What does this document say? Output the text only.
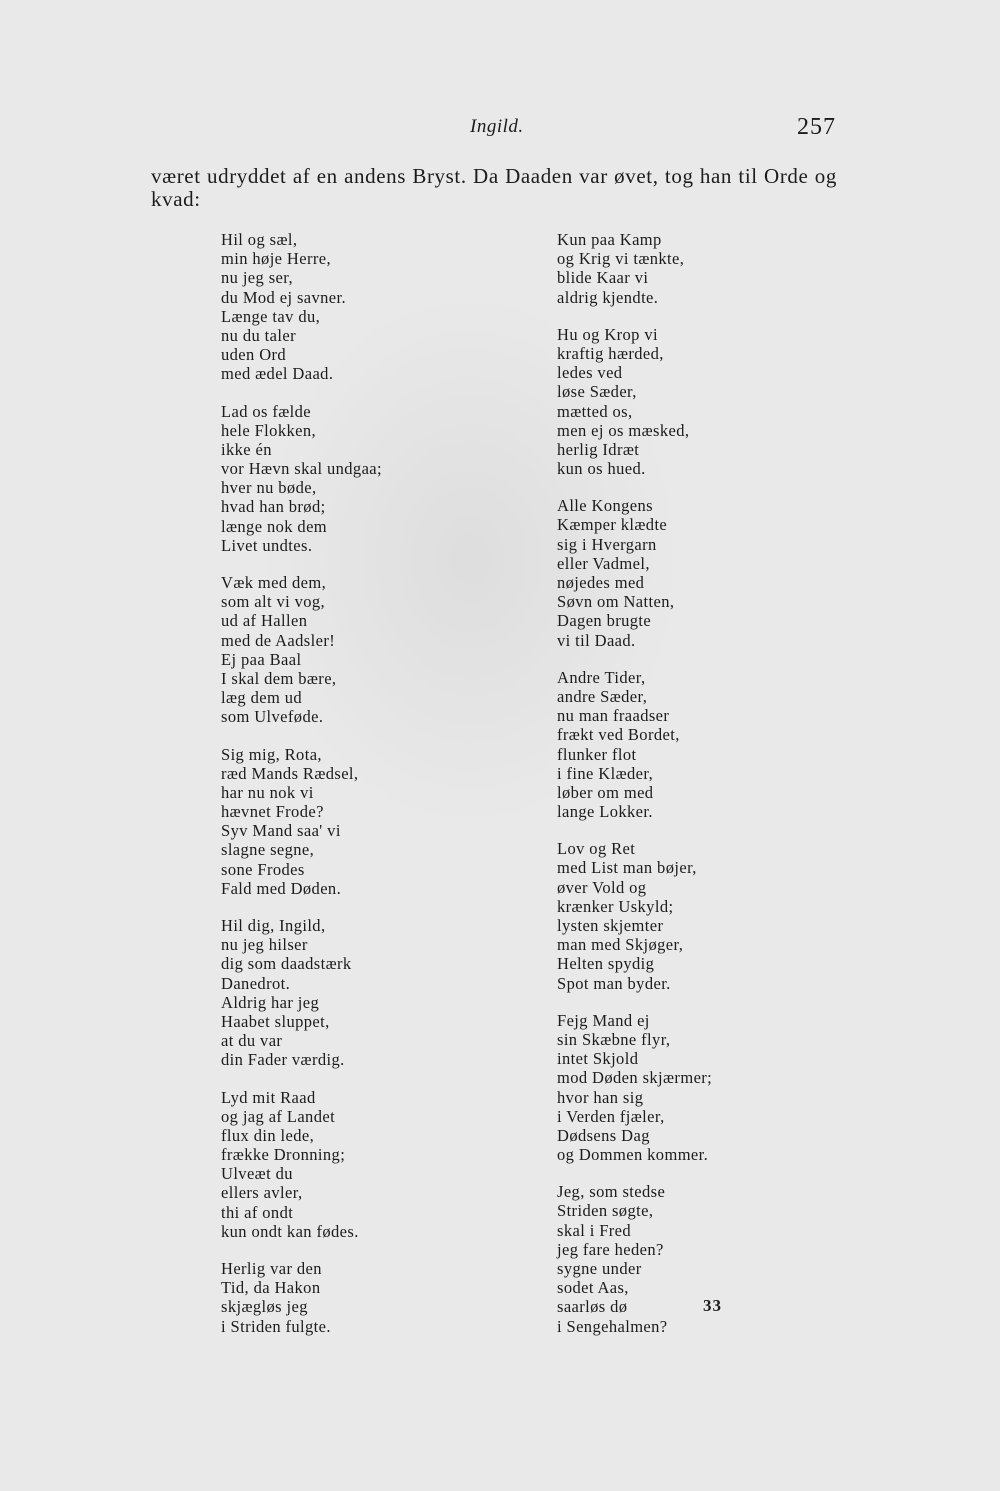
Ingild.	257
været udryddet af en andens Bryst. Da Daaden var øvet, tog han til Orde og kvad:
Hil og sæl,
min høje Herre,
nu jeg ser,
du Mod ej savner.
Længe tav du,
nu du taler
uden Ord
med ædel Daad.
Lad os fælde
hele Flokken,
ikke én
vor Hævn skal undgaa;
hver nu bøde,
hvad han brød;
længe nok dem
Livet undtes.
Væk med dem,
som alt vi vog,
ud af Hallen
med de Aadsler!
Ej paa Baal
I skal dem bære,
læg dem ud
som Ulveføde.
Sig mig, Rota,
ræd Mands Rædsel,
har nu nok vi
hævnet Frode?
Syv Mand saa' vi
slagne segne,
sone Frodes
Fald med Døden.
Hil dig, Ingild,
nu jeg hilser
dig som daadstærk
Danedrot.
Aldrig har jeg
Haabet sluppet,
at du var
din Fader værdig.
Lyd mit Raad
og jag af Landet
flux din lede,
frække Dronning;
Ulveæt du
ellers avler,
thi af ondt
kun ondt kan fødes.
Herlig var den
Tid, da Hakon
skjægløs jeg
i Striden fulgte.
Kun paa Kamp
og Krig vi tænkte,
blide Kaar vi
aldrig kjendte.
Hu og Krop vi
kraftig hærded,
ledes ved
løse Sæder,
mætted os,
men ej os mæsked,
herlig Idræt
kun os hued.
Alle Kongens
Kæmper klædte
sig i Hvergarn
eller Vadmel,
nøjedes med
Søvn om Natten,
Dagen brugte
vi til Daad.
Andre Tider,
andre Sæder,
nu man fraadser
frækt ved Bordet,
flunker flot
i fine Klæder,
løber om med
lange Lokker.
Lov og Ret
med List man bøjer,
øver Vold og
krænker Uskyld;
lysten skjemter
man med Skjøger,
Helten spydig
Spot man byder.
Fejg Mand ej
sin Skæbne flyr,
intet Skjold
mod Døden skjærmer;
hvor han sig
i Verden fjæler,
Dødsens Dag
og Dommen kommer.
Jeg, som stedse
Striden søgte,
skal i Fred
jeg fare heden?
sygne under
sodet Aas,
saarløs dø
i Sengehalmen?
33
